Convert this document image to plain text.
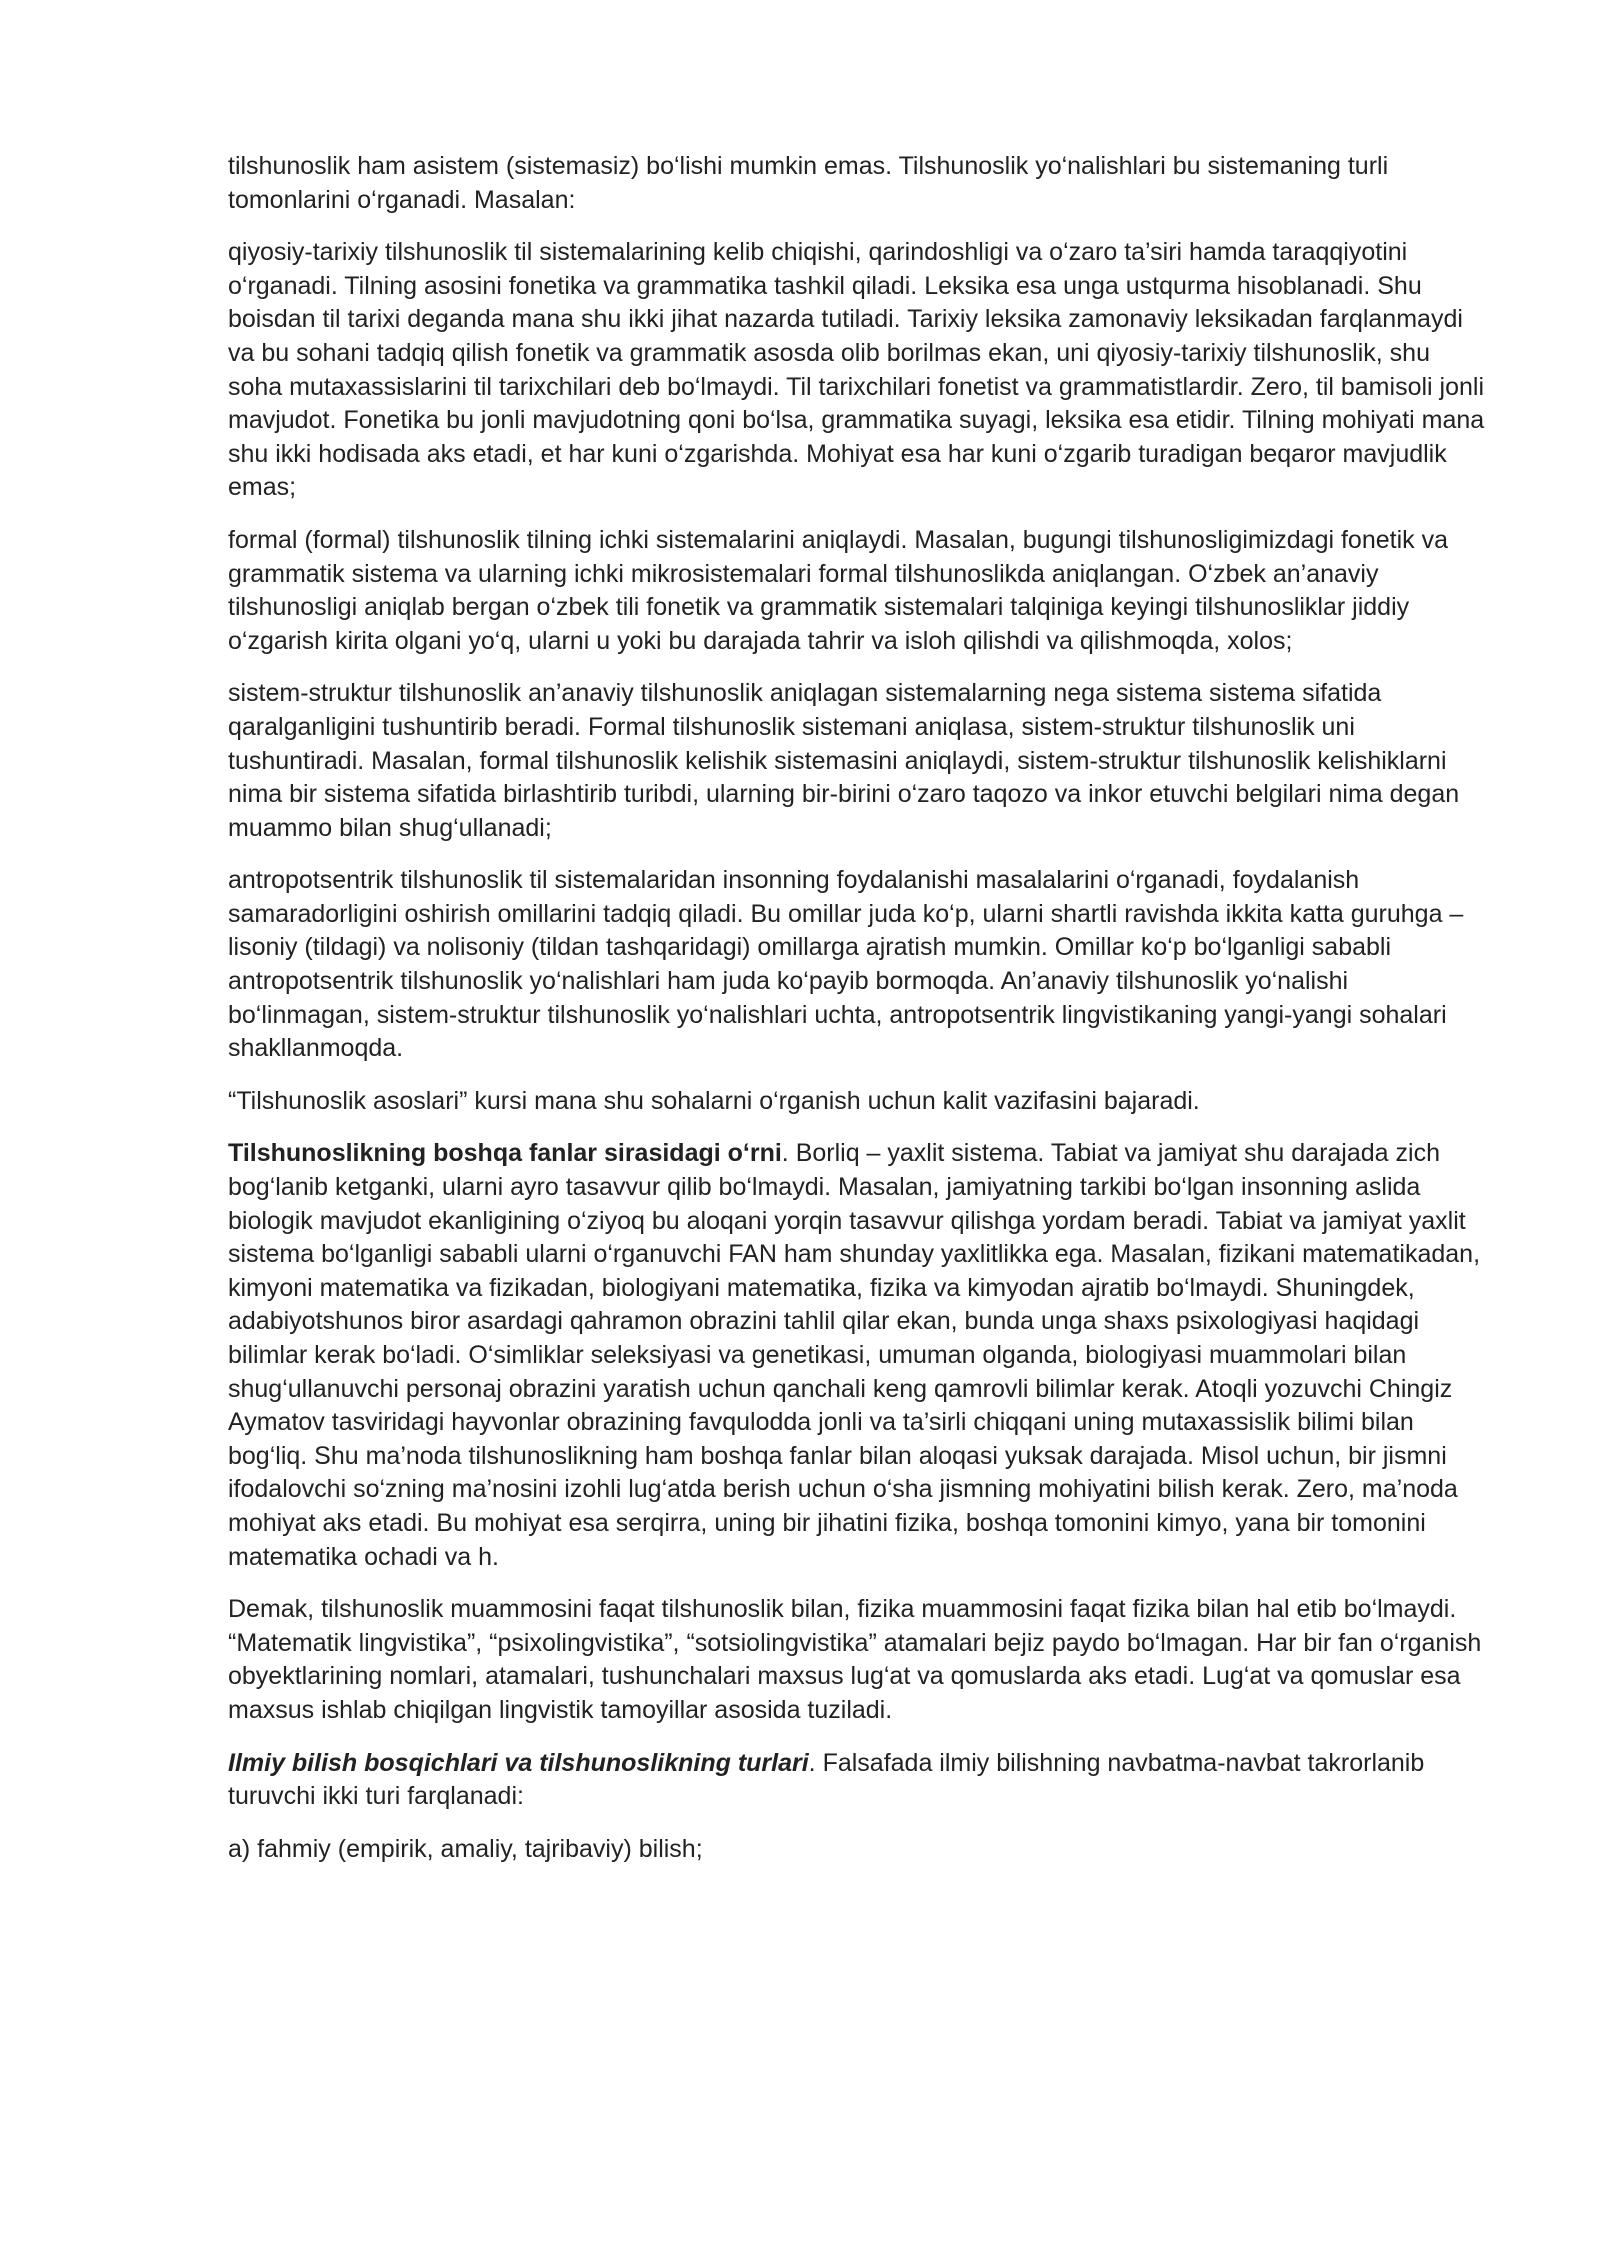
tilshunoslik ham asistem (sistemasiz) bo‘lishi mumkin emas. Tilshunoslik yo‘nalishlari bu sistemaning turli tomonlarini o‘rganadi. Masalan:

qiyosiy-tarixiy tilshunoslik til sistemalarining kelib chiqishi, qarindoshligi va o‘zaro ta’siri hamda taraqqiyotini o‘rganadi. Tilning asosini fonetika va grammatika tashkil qiladi. Leksika esa unga ustqurma hisoblanadi. Shu boisdan til tarixi deganda mana shu ikki jihat nazarda tutiladi. Tarixiy leksika zamonaviy leksikadan farqlanmaydi va bu sohani tadqiq qilish fonetik va grammatik asosda olib borilmas ekan, uni qiyosiy-tarixiy tilshunoslik, shu soha mutaxassislarini til tarixchilari deb bo‘lmaydi. Til tarixchilari fonetist va grammatistlardir. Zero, til bamisoli jonli mavjudot. Fonetika bu jonli mavjudotning qoni bo‘lsa, grammatika suyagi, leksika esa etidir. Tilning mohiyati mana shu ikki hodisada aks etadi, et har kuni o‘zgarishda. Mohiyat esa har kuni o‘zgarib turadigan beqaror mavjudlik emas;

formal (formal) tilshunoslik tilning ichki sistemalarini aniqlaydi. Masalan, bugungi tilshunosligimizdagi fonetik va grammatik sistema va ularning ichki mikrosistemalari formal tilshunoslikda aniqlangan. O‘zbek an’anaviy tilshunosligi aniqlab bergan o‘zbek tili fonetik va grammatik sistemalari talqiniga keyingi tilshunosliklar jiddiy o‘zgarish kirita olgani yo‘q, ularni u yoki bu darajada tahrir va isloh qilishdi va qilishmoqda, xolos;

sistem-struktur tilshunoslik an’anaviy tilshunoslik aniqlagan sistemalarning nega sistema sistema sifatida qaralganligini tushuntirib beradi. Formal tilshunoslik sistemani aniqlasa, sistem-struktur tilshunoslik uni tushuntiradi. Masalan, formal tilshunoslik kelishik sistemasini aniqlaydi, sistem-struktur tilshunoslik kelishiklarni nima bir sistema sifatida birlashtirib turibdi, ularning bir-birini o‘zaro taqozo va inkor etuvchi belgilari nima degan muammo bilan shug‘ullanadi;

antropotsentrik tilshunoslik til sistemalaridan insonning foydalanishi masalalarini o‘rganadi, foydalanish samaradorligini oshirish omillarini tadqiq qiladi. Bu omillar juda ko‘p, ularni shartli ravishda ikkita katta guruhga – lisoniy (tildagi) va nolisoniy (tildan tashqaridagi) omillarga ajratish mumkin. Omillar ko‘p bo‘lganligi sababli antropotsentrik tilshunoslik yo‘nalishlari ham juda ko‘payib bormoqda. An’anaviy tilshunoslik yo‘nalishi bo‘linmagan, sistem-struktur tilshunoslik yo‘nalishlari uchta, antropotsentrik lingvistikaning yangi-yangi sohalari shakllanmoqda.

“Tilshunoslik asoslari” kursi mana shu sohalarni o‘rganish uchun kalit vazifasini bajaradi.

Tilshunoslikning boshqa fanlar sirasidagi o‘rni. Borliq – yaxlit sistema. Tabiat va jamiyat shu darajada zich bog‘lanib ketganki, ularni ayro tasavvur qilib bo‘lmaydi. Masalan, jamiyatning tarkibi bo‘lgan insonning aslida biologik mavjudot ekanligining o‘ziyoq bu aloqani yorqin tasavvur qilishga yordam beradi. Tabiat va jamiyat yaxlit sistema bo‘lganligi sababli ularni o‘rganuvchi FAN ham shunday yaxlitlikka ega. Masalan, fizikani matematikadan, kimyoni matematika va fizikadan, biologiyani matematika, fizika va kimyodan ajratib bo‘lmaydi. Shuningdek, adabiyotshunos biror asardagi qahramon obrazini tahlil qilar ekan, bunda unga shaxs psixologiyasi haqidagi bilimlar kerak bo‘ladi. O‘simliklar seleksiyasi va genetikasi, umuman olganda, biologiyasi muammolari bilan shug‘ullanuvchi personaj obrazini yaratish uchun qanchali keng qamrovli bilimlar kerak. Atoqli yozuvchi Chingiz Aymatov tasviridagi hayvonlar obrazining favqulodda jonli va ta’sirli chiqqani uning mutaxassislik bilimi bilan bog‘liq. Shu ma’noda tilshunoslikning ham boshqa fanlar bilan aloqasi yuksak darajada. Misol uchun, bir jismni ifodalovchi so‘zning ma’nosini izohli lug‘atda berish uchun o‘sha jismning mohiyatini bilish kerak. Zero, ma’noda mohiyat aks etadi. Bu mohiyat esa serqirra, uning bir jihatini fizika, boshqa tomonini kimyo, yana bir tomonini matematika ochadi va h.

Demak, tilshunoslik muammosini faqat tilshunoslik bilan, fizika muammosini faqat fizika bilan hal etib bo‘lmaydi. “Matematik lingvistika”, “psixolingvistika”, “sotsiolingvistika” atamalari bejiz paydo bo‘lmagan. Har bir fan o‘rganish obyektlarining nomlari, atamalari, tushunchalari maxsus lug‘at va qomuslarda aks etadi. Lug‘at va qomuslar esa maxsus ishlab chiqilgan lingvistik tamoyillar asosida tuziladi.

Ilmiy bilish bosqichlari va tilshunoslikning turlari. Falsafada ilmiy bilishning navbatma-navbat takrorlanib turuvchi ikki turi farqlanadi:

a) fahmiy (empirik, amaliy, tajribaviy) bilish;
